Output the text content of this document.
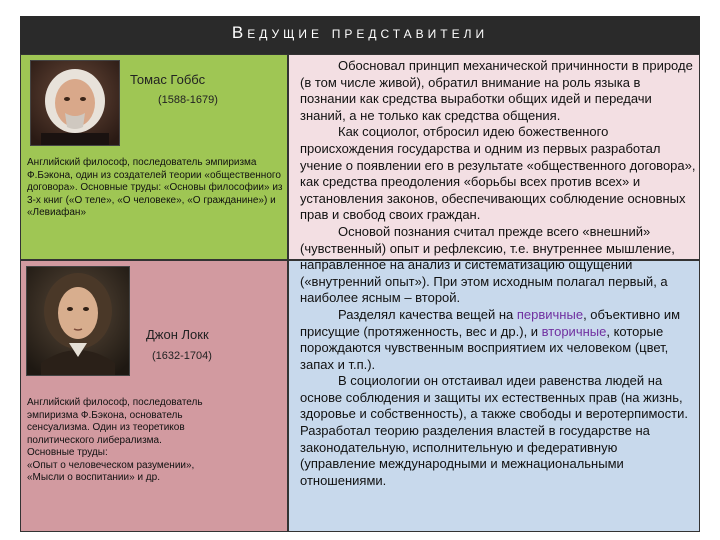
Ведущие представители
Томас Гоббс
(1588-1679)
Английский философ, последователь эмпиризма Ф.Бэкона, один из создателей теории «общественного договора». Основные труды: «Основы философии» из 3-х книг («О теле», «О человеке», «О гражданине») и «Левиафан»
Джон Локк
(1632-1704)
Английский философ, последователь
эмпиризма Ф.Бэкона, основатель
сенсуализма. Один из теоретиков
политического либерализма.
Основные труды:
«Опыт о человеческом разумении»,
«Мысли о воспитании» и др.

Обосновал принцип механической причинности в природе (в том числе живой), обратил внимание на роль языка в познании как средства выработки общих идей и передачи знаний, а не только как средства общения.

Как социолог, отбросил идею божественного происхождения государства и одним из первых разработал учение о появлении его в результате «общественного договора», как средства преодоления «борьбы всех против всех» и установления законов, обеспечивающих соблюдение основных прав и свобод своих граждан.

Основой познания считал прежде всего «внешний» (чувственный) опыт и рефлексию, т.е. внутреннее мышление, направленное на анализ и систематизацию ощущений («внутренний опыт»). При этом исходным полагал первый, а наиболее ясным – второй.

Разделял качества вещей на первичные, объективно им присущие (протяженность, вес и др.), и вторичные, которые порождаются чувственным восприятием их человеком (цвет, запах и т.п.).

В социологии он отстаивал идеи равенства людей на основе соблюдения и защиты их естественных прав (на жизнь, здоровье и собственность), а также свободы и веротерпимости. Разработал теорию разделения властей в государстве на законодательную, исполнительную и федеративную (управление международными и межнациональными отношениями.
